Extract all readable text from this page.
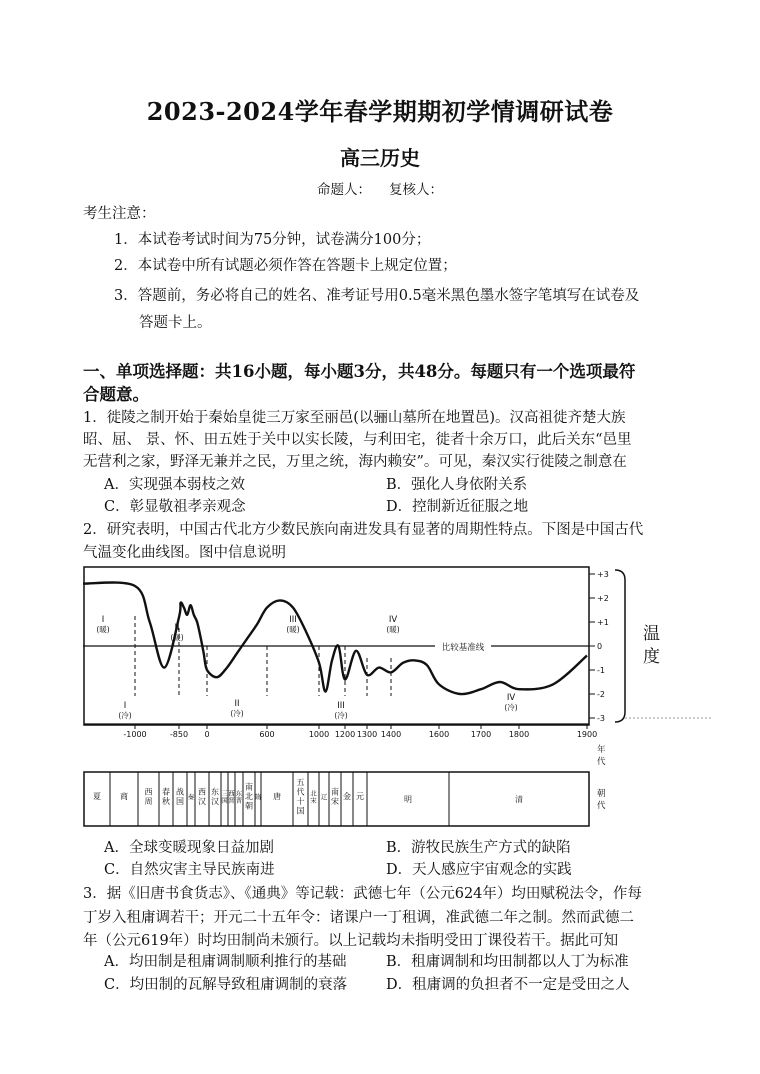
2023-2024学年春学期期初学情调研试卷
高三历史
命题人： 复核人：
考生注意：
1．本试卷考试时间为75分钟，试卷满分100分；
2．本试卷中所有试题必须作答在答题卡上规定位置；
3．答题前，务必将自己的姓名、准考证号用0.5毫米黑色墨水签字笔填写在试卷及
答题卡上。
一、单项选择题：共16小题，每小题3分，共48分。每题只有一个选项最符
合题意。
1．徙陵之制开始于秦始皇徙三万家至丽邑(以骊山墓所在地置邑)。汉高祖徙齐楚大族
昭、屈、 景、怀、田五姓于关中以实长陵，与利田宅，徙者十余万口，此后关东“邑里
无营利之家，野泽无兼并之民，万里之统，海内赖安”。可见，秦汉实行徙陵之制意在
A．实现强本弱枝之效	B．强化人身依附关系
C．彰显敬祖孝亲观念	D．控制新近征服之地
2．研究表明，中国古代北方少数民族向南进发具有显著的周期性特点。下图是中国古代
气温变化曲线图。图中信息说明
比较基准线
温
度
年
代
朝
代
+3
+2
+1
0
-1
-2
-3
-1000	-850 0	600	1000 1200 1300 1400	1600	1700 1800	1900
I
(暖)	II
(暖)
III
(暖)
IV
(暖)
I
(冷)
II
(冷)
III
(冷)
IV
(冷)
夏 商
西周
春秋
战国 秦
西汉
东汉
三国
西晋
东晋
南北朝
隋 唐
五代十国
北宋 辽
南宋
金 元	明	清
A．全球变暖现象日益加剧	B．游牧民族生产方式的缺陷
C．自然灾害主导民族南进	D．天人感应宇宙观念的实践
3．据《旧唐书食货志》、《通典》等记载：武德七年（公元624年）均田赋税法令，作每
丁岁入租庸调若干；开元二十五年令：诸课户一丁租调，准武德二年之制。然而武德二
年（公元619年）时均田制尚未颁行。以上记载均未指明受田丁课役若干。据此可知
A．均田制是租庸调制顺利推行的基础	B．租庸调制和均田制都以人丁为标准
C．均田制的瓦解导致租庸调制的衰落	D．租庸调的负担者不一定是受田之人
